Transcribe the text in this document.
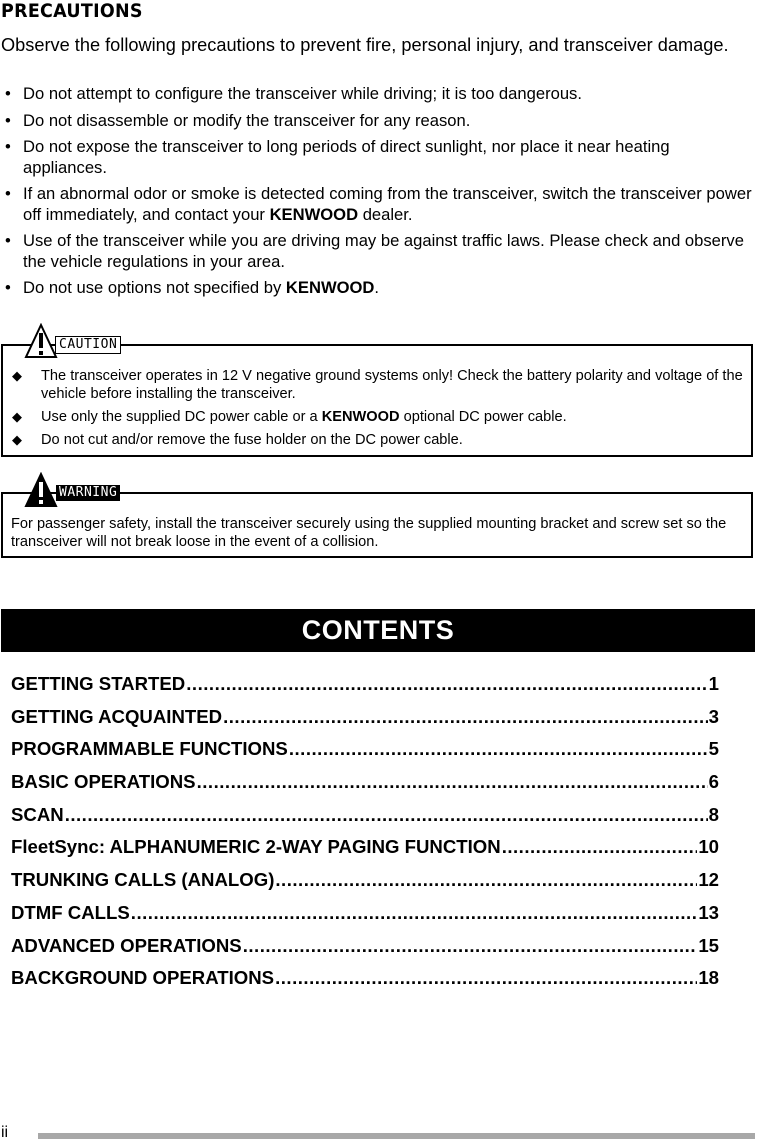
PRECAUTIONS
Observe the following precautions to prevent fire, personal injury, and transceiver damage.
• Do not attempt to configure the transceiver while driving; it is too dangerous.
• Do not disassemble or modify the transceiver for any reason.
• Do not expose the transceiver to long periods of direct sunlight, nor place it near heating appliances.
• If an abnormal odor or smoke is detected coming from the transceiver, switch the transceiver power off immediately, and contact your KENWOOD dealer.
• Use of the transceiver while you are driving may be against traffic laws. Please check and observe the vehicle regulations in your area.
• Do not use options not specified by KENWOOD.
CAUTION
◆ The transceiver operates in 12 V negative ground systems only! Check the battery polarity and voltage of the vehicle before installing the transceiver.
◆ Use only the supplied DC power cable or a KENWOOD optional DC power cable.
◆ Do not cut and/or remove the fuse holder on the DC power cable.
WARNING
For passenger safety, install the transceiver securely using the supplied mounting bracket and screw set so the transceiver will not break loose in the event of a collision.
CONTENTS
GETTING STARTED .....	1
GETTING ACQUAINTED .....	3
PROGRAMMABLE FUNCTIONS .....	5
BASIC OPERATIONS .....	6
SCAN .....	8
FleetSync: ALPHANUMERIC 2-WAY PAGING FUNCTION .....	10
TRUNKING CALLS (ANALOG) .....	12
DTMF CALLS .....	13
ADVANCED OPERATIONS .....	15
BACKGROUND OPERATIONS .....	18
ii
